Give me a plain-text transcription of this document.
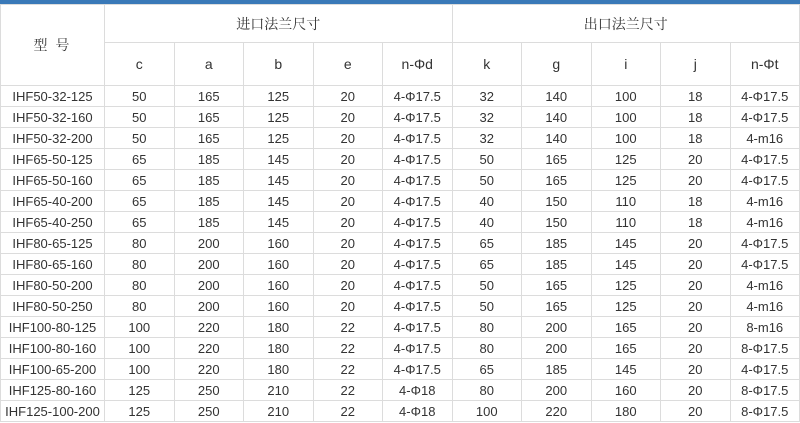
型 号	进口法兰尺寸					出口法兰尺寸				
	c	a	b	e	n-Φd	k	g	i	j	n-Φt
IHF50-32-125	50	165	125	20	4-Φ17.5	32	140	100	18	4-Φ17.5
IHF50-32-160	50	165	125	20	4-Φ17.5	32	140	100	18	4-Φ17.5
IHF50-32-200	50	165	125	20	4-Φ17.5	32	140	100	18	4-m16
IHF65-50-125	65	185	145	20	4-Φ17.5	50	165	125	20	4-Φ17.5
IHF65-50-160	65	185	145	20	4-Φ17.5	50	165	125	20	4-Φ17.5
IHF65-40-200	65	185	145	20	4-Φ17.5	40	150	110	18	4-m16
IHF65-40-250	65	185	145	20	4-Φ17.5	40	150	110	18	4-m16
IHF80-65-125	80	200	160	20	4-Φ17.5	65	185	145	20	4-Φ17.5
IHF80-65-160	80	200	160	20	4-Φ17.5	65	185	145	20	4-Φ17.5
IHF80-50-200	80	200	160	20	4-Φ17.5	50	165	125	20	4-m16
IHF80-50-250	80	200	160	20	4-Φ17.5	50	165	125	20	4-m16
IHF100-80-125	100	220	180	22	4-Φ17.5	80	200	165	20	8-m16
IHF100-80-160	100	220	180	22	4-Φ17.5	80	200	165	20	8-Φ17.5
IHF100-65-200	100	220	180	22	4-Φ17.5	65	185	145	20	4-Φ17.5
IHF125-80-160	125	250	210	22	4-Φ18	80	200	160	20	8-Φ17.5
IHF125-100-200	125	250	210	22	4-Φ18	100	220	180	20	8-Φ17.5
